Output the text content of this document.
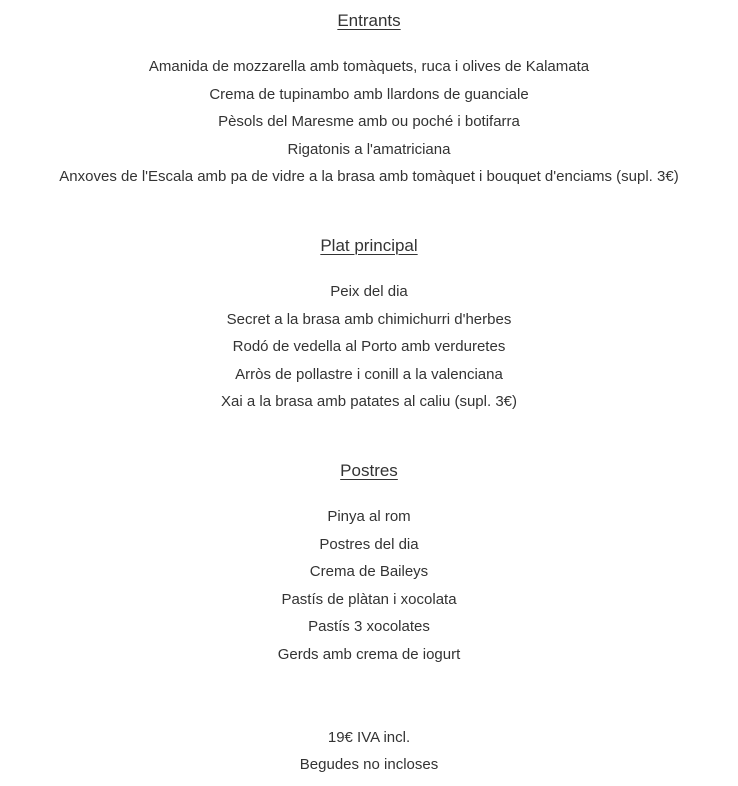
Entrants
Amanida de mozzarella amb tomàquets, ruca i olives de Kalamata
Crema de tupinambo amb llardons de guanciale
Pèsols del Maresme amb ou poché i botifarra
Rigatonis a l'amatriciana
Anxoves de l'Escala amb pa de vidre a la brasa amb tomàquet i bouquet d'enciams (supl. 3€)
Plat principal
Peix del dia
Secret a la brasa amb chimichurri d'herbes
Rodó de vedella al Porto amb verduretes
Arròs de pollastre i conill a la valenciana
Xai a la brasa amb patates al caliu (supl. 3€)
Postres
Pinya al rom
Postres del dia
Crema de Baileys
Pastís de plàtan i xocolata
Pastís 3 xocolates
Gerds amb crema de iogurt
19€ IVA incl.
Begudes no incloses
